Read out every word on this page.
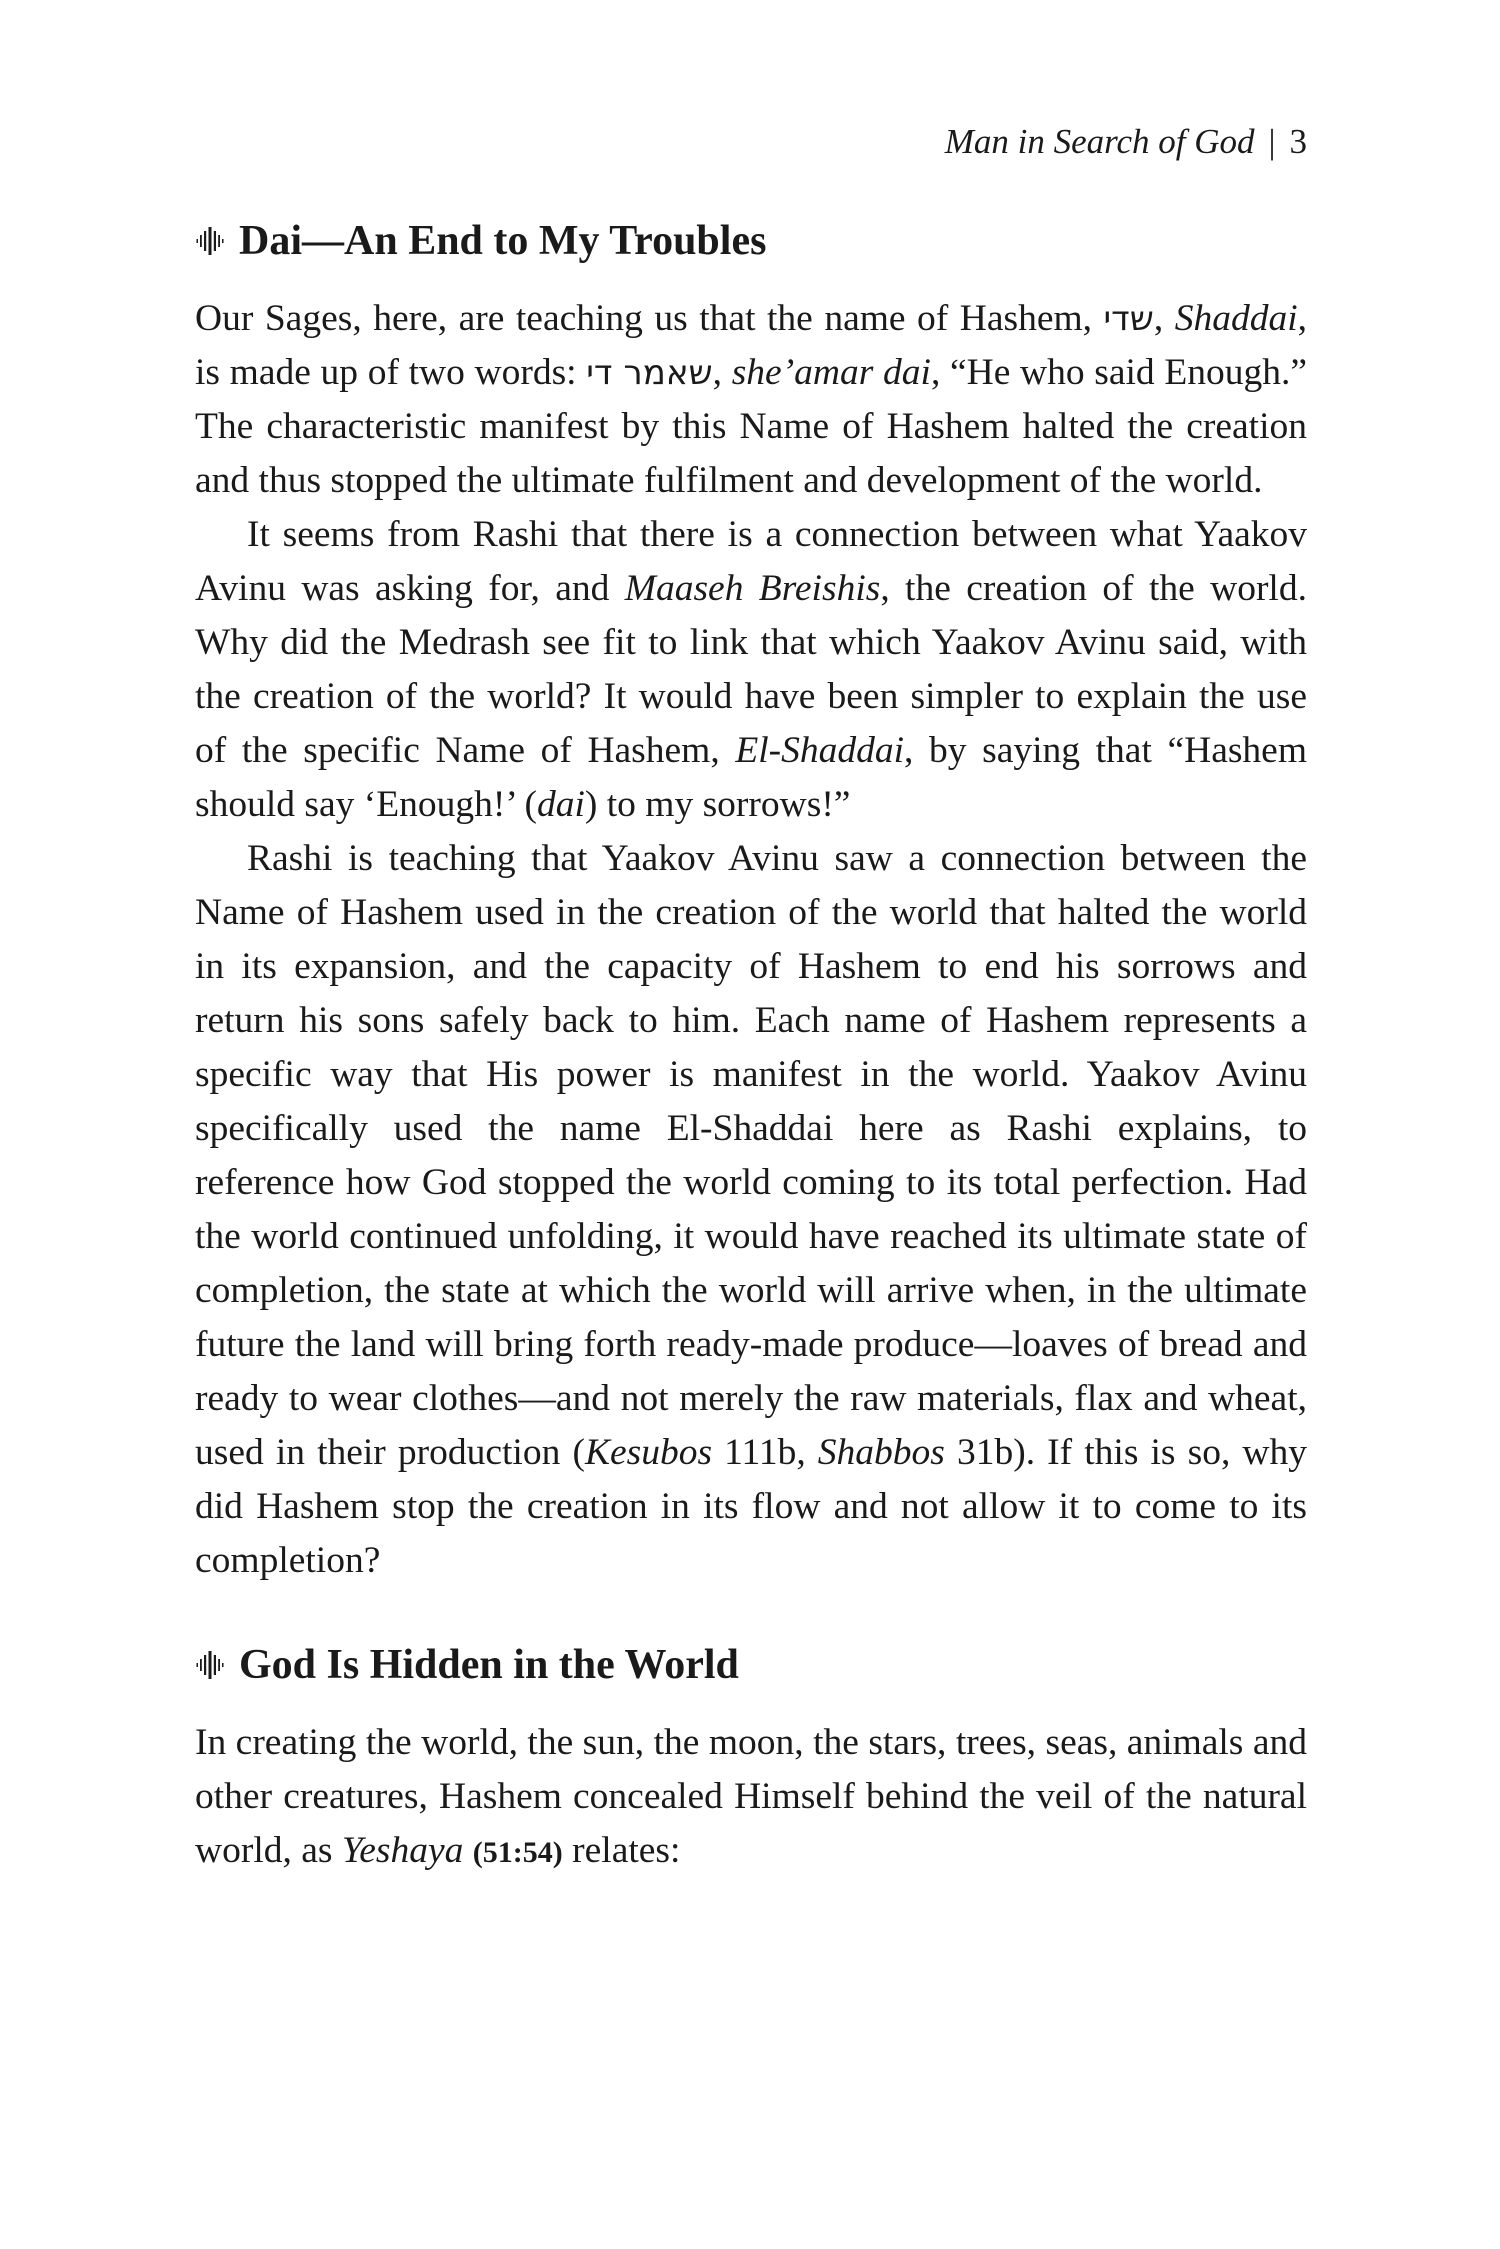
Man in Search of God | 3
Dai—An End to My Troubles

Our Sages, here, are teaching us that the name of Hashem, שדי, Shaddai, is made up of two words: שאמר די, she’amar dai, “He who said Enough.” The characteristic manifest by this Name of Hashem halted the creation and thus stopped the ultimate fulfilment and development of the world.

It seems from Rashi that there is a connection between what Yaakov Avinu was asking for, and Maaseh Breishis, the creation of the world. Why did the Medrash see fit to link that which Yaakov Avinu said, with the creation of the world? It would have been simpler to explain the use of the specific Name of Hashem, El-Shaddai, by saying that “Hashem should say ‘Enough!’ (dai) to my sorrows!”

Rashi is teaching that Yaakov Avinu saw a connection between the Name of Hashem used in the creation of the world that halted the world in its expansion, and the capacity of Hashem to end his sorrows and return his sons safely back to him. Each name of Hashem represents a specific way that His power is manifest in the world. Yaakov Avinu specifically used the name El-Shaddai here as Rashi explains, to reference how God stopped the world coming to its total perfection. Had the world continued unfolding, it would have reached its ultimate state of completion, the state at which the world will arrive when, in the ultimate future the land will bring forth ready-made produce—loaves of bread and ready to wear clothes—and not merely the raw materials, flax and wheat, used in their production (Kesubos 111b, Shabbos 31b). If this is so, why did Hashem stop the creation in its flow and not allow it to come to its completion?

God Is Hidden in the World

In creating the world, the sun, the moon, the stars, trees, seas, animals and other creatures, Hashem concealed Himself behind the veil of the natural world, as Yeshaya (51:54) relates:
